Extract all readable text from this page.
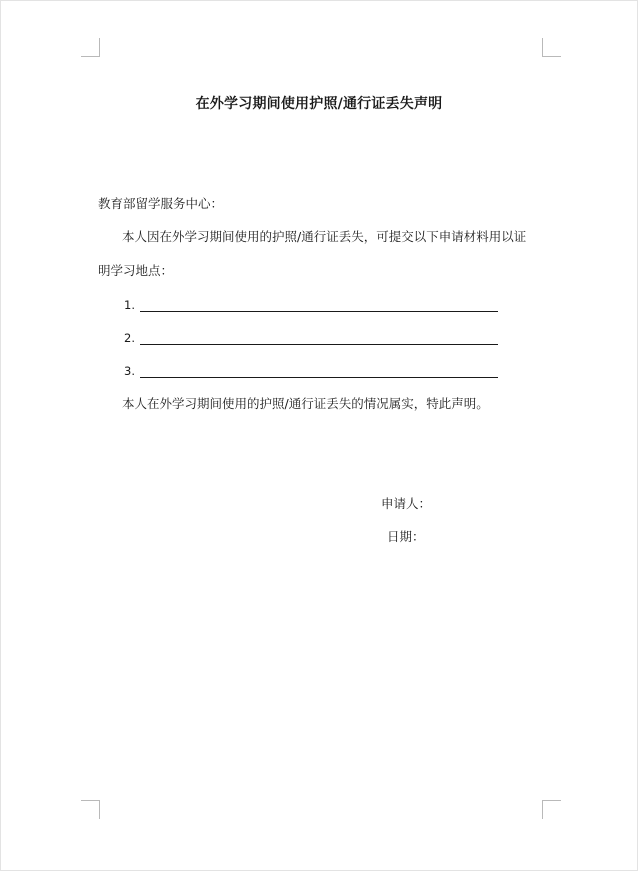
在外学习期间使用护照/通行证丢失声明
教育部留学服务中心：
本人因在外学习期间使用的护照/通行证丢失，可提交以下申请材料用以证
明学习地点：
1.
2.
3.
本人在外学习期间使用的护照/通行证丢失的情况属实，特此声明。
申请人：
日期：
